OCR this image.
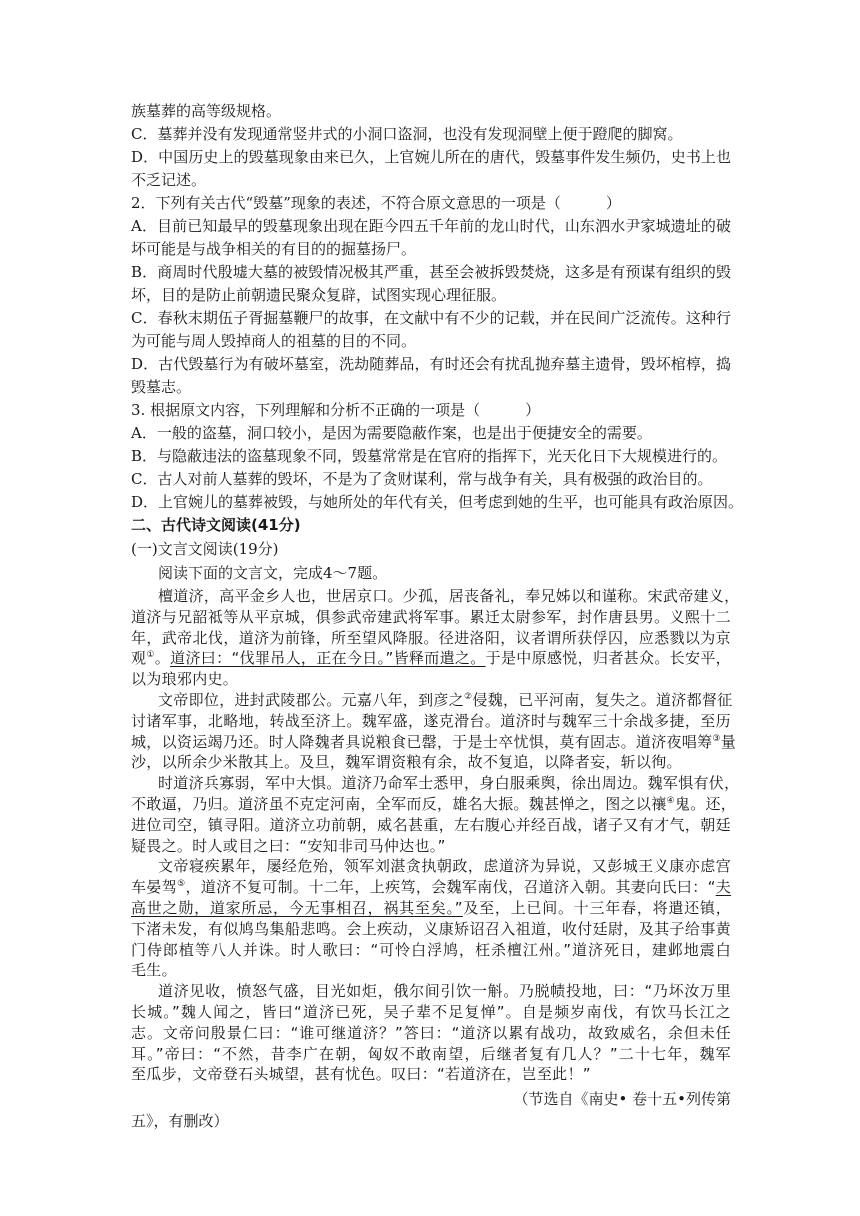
族墓葬的高等级规格。
C．墓葬并没有发现通常竖井式的小洞口盗洞，也没有发现洞壁上便于蹬爬的脚窝。
D．中国历史上的毁墓现象由来已久，上官婉儿所在的唐代，毁墓事件发生频仍，史书上也
不乏记述。
2．下列有关古代“毁墓”现象的表述，不符合原文意思的一项是（　　　）
A．目前已知最早的毁墓现象出现在距今四五千年前的龙山时代，山东泗水尹家城遗址的破
坏可能是与战争相关的有目的的掘墓扬尸。
B．商周时代殷墟大墓的被毁情况极其严重，甚至会被拆毁焚烧，这多是有预谋有组织的毁
坏，目的是防止前朝遗民聚众复辟，试图实现心理征服。
C．春秋末期伍子胥掘墓鞭尸的故事，在文献中有不少的记载，并在民间广泛流传。这种行
为可能与周人毁掉商人的祖墓的目的不同。
D．古代毁墓行为有破坏墓室，洗劫随葬品，有时还会有扰乱抛弃墓主遗骨，毁坏棺椁，捣
毁墓志。
3. 根据原文内容，下列理解和分析不正确的一项是（　　　）
A．一般的盗墓，洞口较小，是因为需要隐蔽作案，也是出于便捷安全的需要。
B．与隐蔽违法的盗墓现象不同，毁墓常常是在官府的指挥下，光天化日下大规模进行的。
C．古人对前人墓葬的毁坏，不是为了贪财谋利，常与战争有关，具有极强的政治目的。
D．上官婉儿的墓葬被毁，与她所处的年代有关，但考虑到她的生平，也可能具有政治原因。
二、古代诗文阅读(41分)
(一)文言文阅读(19分)
阅读下面的文言文，完成4～7题。
檀道济，高平金乡人也，世居京口。少孤，居丧备礼，奉兄姊以和谨称。宋武帝建义，
道济与兄韶祗等从平京城，俱参武帝建武将军事。累迁太尉参军，封作唐县男。义熙十二
年，武帝北伐，道济为前锋，所至望风降服。径进洛阳，议者谓所获俘囚，应悉戮以为京
观①。道济曰：“伐罪吊人，正在今日。”皆释而遣之。于是中原感悦，归者甚众。长安平，
以为琅邪内史。
文帝即位，进封武陵郡公。元嘉八年，到彦之②侵魏，已平河南，复失之。道济都督征
讨诸军事，北略地，转战至济上。魏军盛，遂克滑台。道济时与魏军三十余战多捷，至历
城，以资运竭乃还。时人降魏者具说粮食已罄，于是士卒忧惧，莫有固志。道济夜唱筹③量
沙，以所余少米散其上。及旦，魏军谓资粮有余，故不复追，以降者妄，斩以徇。
时道济兵寡弱，军中大惧。道济乃命军士悉甲，身白服乘舆，徐出周边。魏军惧有伏，
不敢逼，乃归。道济虽不克定河南，全军而反，雄名大振。魏甚惮之，图之以禳④鬼。还，
进位司空，镇寻阳。道济立功前朝，威名甚重，左右腹心并经百战，诸子又有才气，朝廷
疑畏之。时人或目之曰：“安知非司马仲达也。”
文帝寝疾累年，屡经危殆，领军刘湛贪执朝政，虑道济为异说，又彭城王义康亦虑宫
车晏驾⑤，道济不复可制。十二年，上疾笃，会魏军南伐，召道济入朝。其妻向氏曰：“夫
高世之勋，道家所忌，今无事相召，祸其至矣。”及至，上已间。十三年春，将遣还镇，
下渚未发，有似鸠鸟集船悲鸣。会上疾动，义康矫诏召入祖道，收付廷尉，及其子给事黄
门侍郎植等八人并诛。时人歌曰：“可怜白浮鸠，枉杀檀江州。”道济死日，建邺地震白
毛生。
道济见收，愤怒气盛，目光如炬，俄尔间引饮一斛。乃脱帻投地，曰：“乃坏汝万里
长城。”魏人闻之，皆曰“道济已死，吴子辈不足复惮”。自是频岁南伐，有饮马长江之
志。文帝问殷景仁曰：“谁可继道济？”答曰：“道济以累有战功，故致威名，余但未任
耳。”帝曰：“不然，昔李广在朝，匈奴不敢南望，后继者复有几人？”二十七年，魏军
至瓜步，文帝登石头城望，甚有忧色。叹曰：“若道济在，岂至此！”
（节选自《南史• 卷十五•列传第
五》，有删改）
